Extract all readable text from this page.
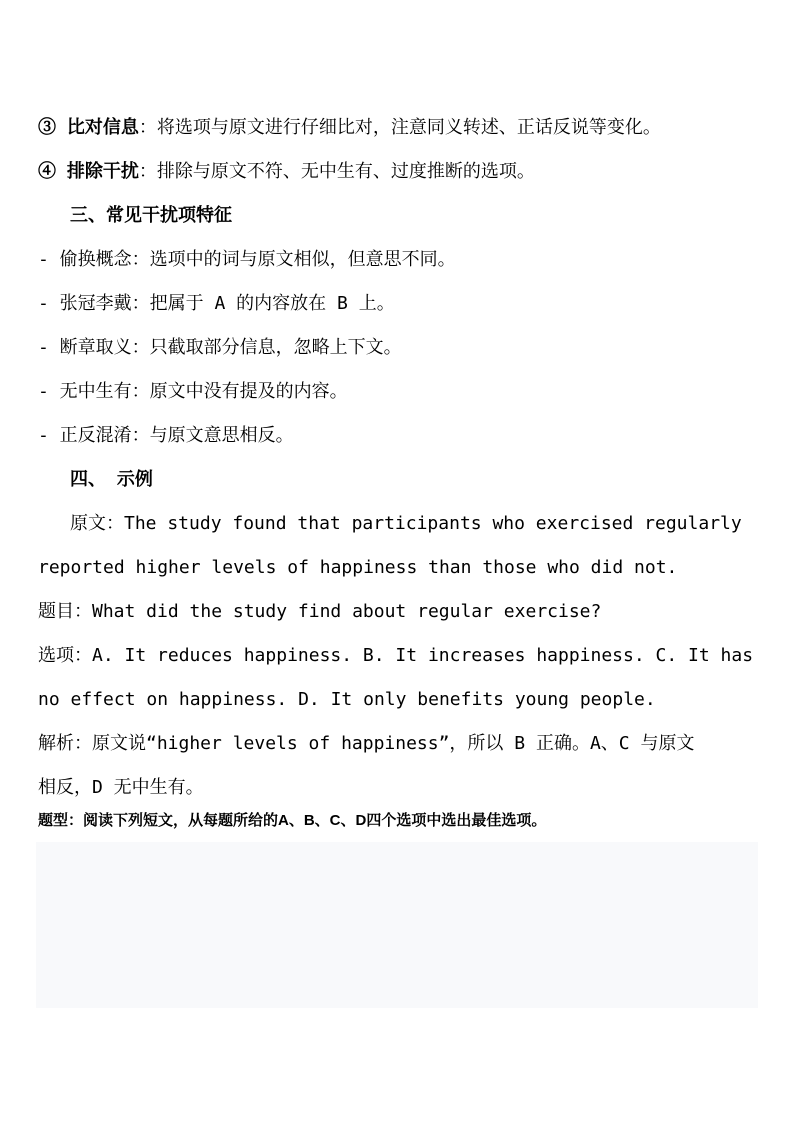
③ 比对信息：将选项与原文进行仔细比对，注意同义转述、正话反说等变化。
④ 排除干扰：排除与原文不符、无中生有、过度推断的选项。
三、常见干扰项特征
- 偷换概念：选项中的词与原文相似，但意思不同。
- 张冠李戴：把属于 A 的内容放在 B 上。
- 断章取义：只截取部分信息，忽略上下文。
- 无中生有：原文中没有提及的内容。
- 正反混淆：与原文意思相反。
四、 示例
原文：The study found that participants who exercised regularly
reported higher levels of happiness than those who did not.
题目：What did the study find about regular exercise?
选项：A. It reduces happiness. B. It increases happiness. C. It has
no effect on happiness. D. It only benefits young people.
解析：原文说“higher levels of happiness”，所以 B 正确。A、C 与原文
相反，D 无中生有。
题型：阅读下列短文，从每题所给的A、B、C、D四个选项中选出最佳选项。
